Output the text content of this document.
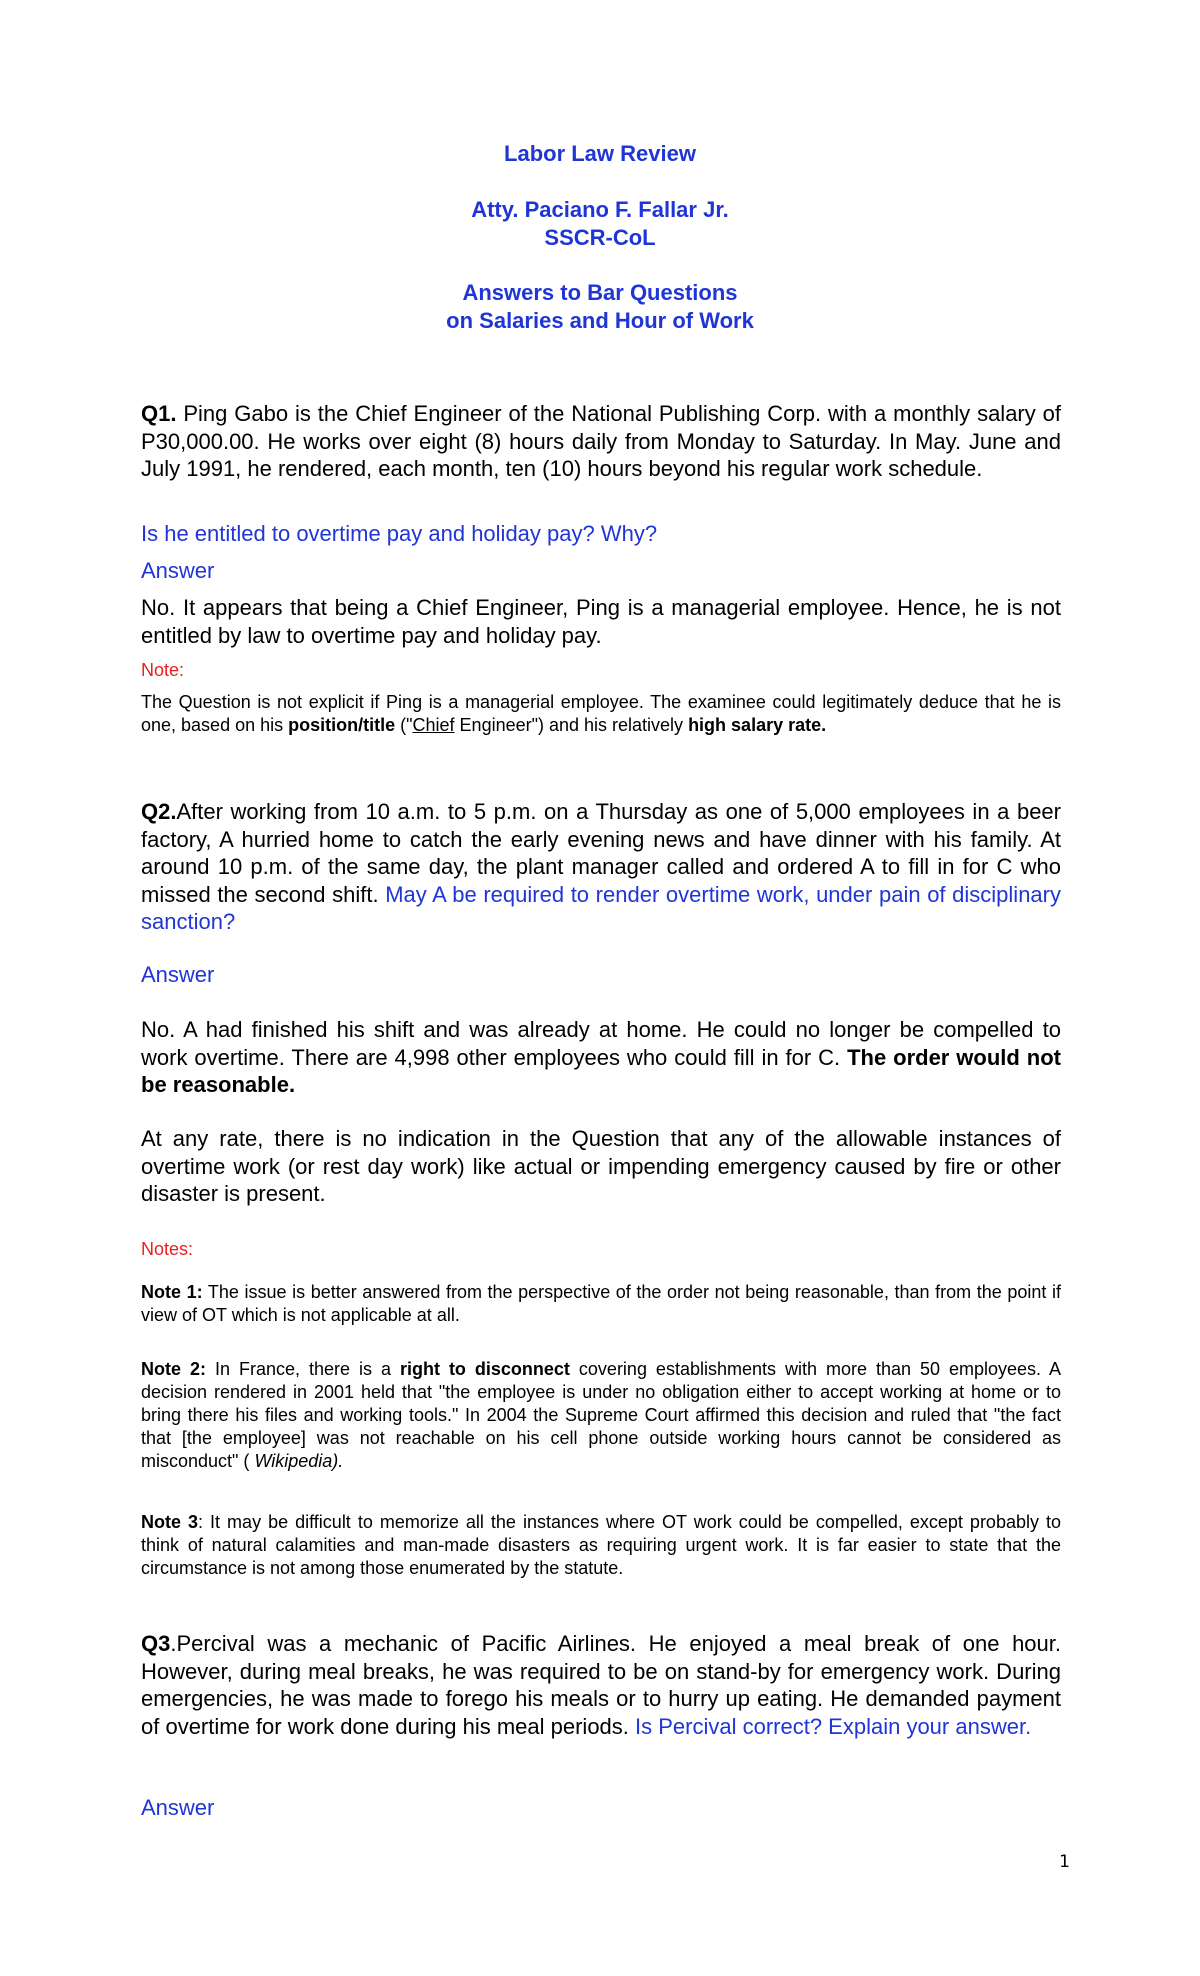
Labor Law Review
Atty. Paciano F. Fallar Jr.
SSCR-CoL
Answers to Bar Questions
on Salaries and Hour of Work
Q1. Ping Gabo is the Chief Engineer of the National Publishing Corp. with a monthly salary of P30,000.00. He works over eight (8) hours daily from Monday to Saturday. In May. June and July 1991, he rendered, each month, ten (10) hours beyond his regular work schedule.
Is he entitled to overtime pay and holiday pay? Why?
Answer
No. It appears that being a Chief Engineer, Ping is a managerial employee. Hence, he is not entitled by law to overtime pay and holiday pay.
Note:
The Question is not explicit if Ping is a managerial employee. The examinee could legitimately deduce that he is one, based on his position/title ("Chief Engineer") and his relatively high salary rate.
Q2.After working from 10 a.m. to 5 p.m. on a Thursday as one of 5,000 employees in a beer factory, A hurried home to catch the early evening news and have dinner with his family. At around 10 p.m. of the same day, the plant manager called and ordered A to fill in for C who missed the second shift. May A be required to render overtime work, under pain of disciplinary sanction?
Answer
No. A had finished his shift and was already at home. He could no longer be compelled to work overtime. There are 4,998 other employees who could fill in for C. The order would not be reasonable.
At any rate, there is no indication in the Question that any of the allowable instances of overtime work (or rest day work) like actual or impending emergency caused by fire or other disaster is present.
Notes:
Note 1: The issue is better answered from the perspective of the order not being reasonable, than from the point if view of OT which is not applicable at all.
Note 2: In France, there is a right to disconnect covering establishments with more than 50 employees. A decision rendered in 2001 held that "the employee is under no obligation either to accept working at home or to bring there his files and working tools." In 2004 the Supreme Court affirmed this decision and ruled that "the fact that [the employee] was not reachable on his cell phone outside working hours cannot be considered as misconduct" ( Wikipedia).
Note 3: It may be difficult to memorize all the instances where OT work could be compelled, except probably to think of natural calamities and man-made disasters as requiring urgent work. It is far easier to state that the circumstance is not among those enumerated by the statute.
Q3.Percival was a mechanic of Pacific Airlines. He enjoyed a meal break of one hour. However, during meal breaks, he was required to be on stand-by for emergency work. During emergencies, he was made to forego his meals or to hurry up eating. He demanded payment of overtime for work done during his meal periods. Is Percival correct? Explain your answer.
Answer
1
